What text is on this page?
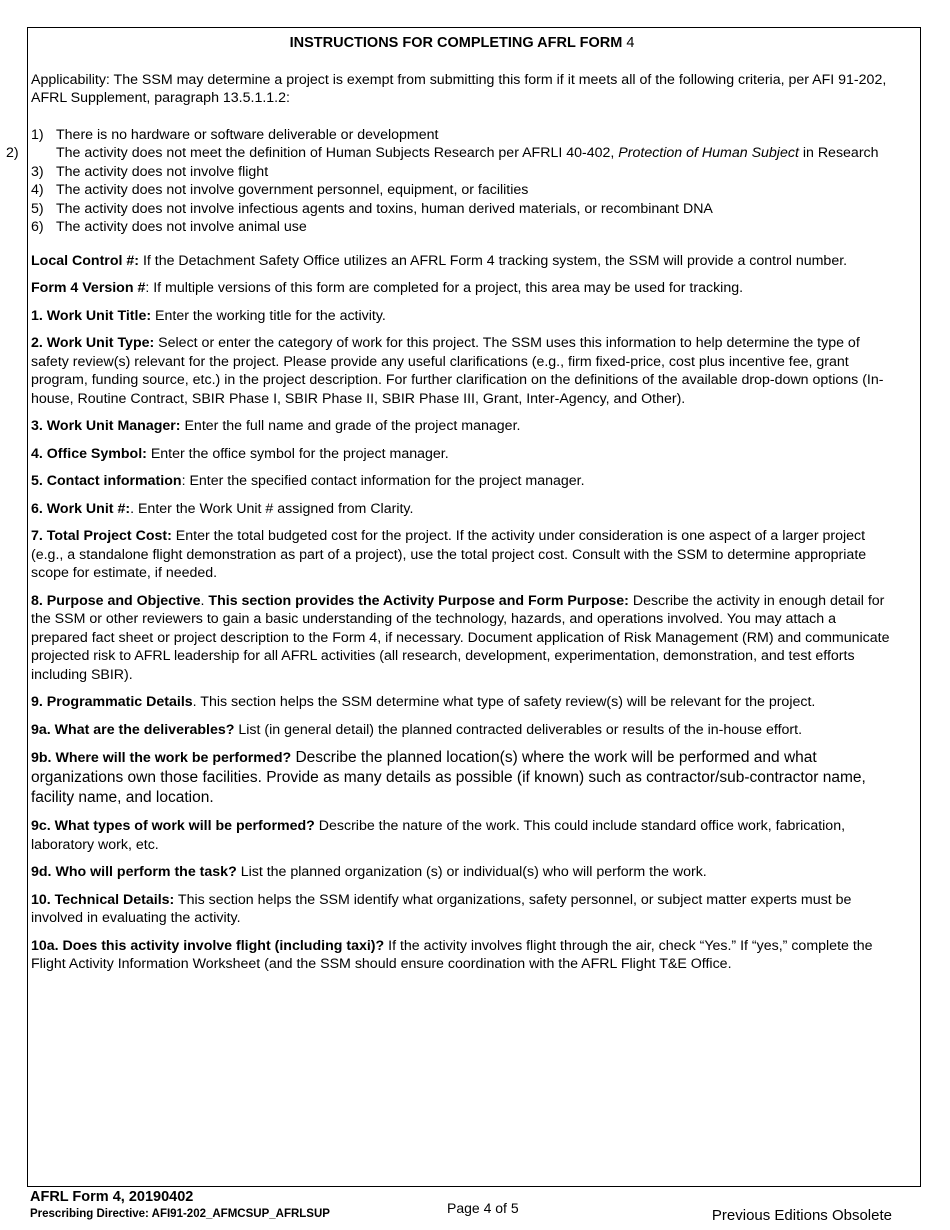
INSTRUCTIONS FOR COMPLETING AFRL FORM 4

Applicability: The SSM may determine a project is exempt from submitting this form if it meets all of the following criteria, per AFI 91-202, AFRL Supplement, paragraph 13.5.1.1.2:

1) There is no hardware or software deliverable or development
2)	The activity does not meet the definition of Human Subjects Research per AFRLI 40-402, Protection of Human Subject in Research
3) The activity does not involve flight
4) The activity does not involve government personnel, equipment, or facilities
5) The activity does not involve infectious agents and toxins, human derived materials, or recombinant DNA
6) The activity does not involve animal use

Local Control #: If the Detachment Safety Office utilizes an AFRL Form 4 tracking system, the SSM will provide a control number.

Form 4 Version #: If multiple versions of this form are completed for a project, this area may be used for tracking.

1. Work Unit Title: Enter the working title for the activity.

2. Work Unit Type: Select or enter the category of work for this project. The SSM uses this information to help determine the type of safety review(s) relevant for the project. Please provide any useful clarifications (e.g., firm fixed-price, cost plus incentive fee, grant program, funding source, etc.) in the project description. For further clarification on the definitions of the available drop-down options (In-house, Routine Contract, SBIR Phase I, SBIR Phase II, SBIR Phase III, Grant, Inter-Agency, and Other).

3. Work Unit Manager: Enter the full name and grade of the project manager.

4. Office Symbol: Enter the office symbol for the project manager.

5. Contact information: Enter the specified contact information for the project manager.

6. Work Unit #:. Enter the Work Unit # assigned from Clarity.

7. Total Project Cost: Enter the total budgeted cost for the project. If the activity under consideration is one aspect of a larger project (e.g., a standalone flight demonstration as part of a project), use the total project cost. Consult with the SSM to determine appropriate scope for estimate, if needed.

8. Purpose and Objective. This section provides the Activity Purpose and Form Purpose: Describe the activity in enough detail for the SSM or other reviewers to gain a basic understanding of the technology, hazards, and operations involved. You may attach a prepared fact sheet or project description to the Form 4, if necessary. Document application of Risk Management (RM) and communicate projected risk to AFRL leadership for all AFRL activities (all research, development, experimentation, demonstration, and test efforts including SBIR).

9. Programmatic Details. This section helps the SSM determine what type of safety review(s) will be relevant for the project.

9a. What are the deliverables? List (in general detail) the planned contracted deliverables or results of the in-house effort.

9b. Where will the work be performed? Describe the planned location(s) where the work will be performed and what organizations own those facilities. Provide as many details as possible (if known) such as contractor/sub-contractor name, facility name, and location.

9c. What types of work will be performed? Describe the nature of the work. This could include standard office work, fabrication, laboratory work, etc.

9d. Who will perform the task? List the planned organization (s) or individual(s) who will perform the work.

10. Technical Details: This section helps the SSM identify what organizations, safety personnel, or subject matter experts must be involved in evaluating the activity.

10a. Does this activity involve flight (including taxi)? If the activity involves flight through the air, check “Yes.” If “yes,” complete the Flight Activity Information Worksheet (and the SSM should ensure coordination with the AFRL Flight T&E Office.

AFRL Form 4, 20190402
Prescribing Directive: AFI91-202_AFMCSUP_AFRLSUP	Page 4 of 5	Previous Editions Obsolete
